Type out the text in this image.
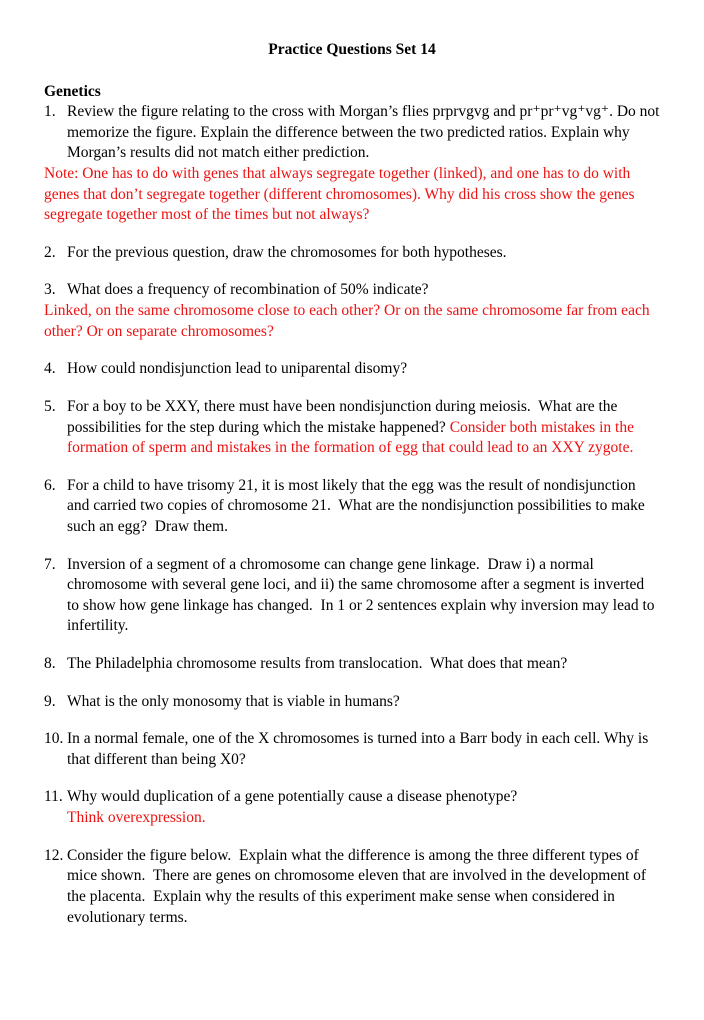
Practice Questions Set 14

Genetics

1. Review the figure relating to the cross with Morgan’s flies prprvgvg and pr⁺pr⁺vg⁺vg⁺. Do not memorize the figure. Explain the difference between the two predicted ratios. Explain why Morgan’s results did not match either prediction.
Note: One has to do with genes that always segregate together (linked), and one has to do with genes that don’t segregate together (different chromosomes). Why did his cross show the genes segregate together most of the times but not always?
2. For the previous question, draw the chromosomes for both hypotheses.
3. What does a frequency of recombination of 50% indicate?
Linked, on the same chromosome close to each other? Or on the same chromosome far from each other? Or on separate chromosomes?
4. How could nondisjunction lead to uniparental disomy?
5. For a boy to be XXY, there must have been nondisjunction during meiosis.  What are the possibilities for the step during which the mistake happened? Consider both mistakes in the formation of sperm and mistakes in the formation of egg that could lead to an XXY zygote.
6. For a child to have trisomy 21, it is most likely that the egg was the result of nondisjunction and carried two copies of chromosome 21.  What are the nondisjunction possibilities to make such an egg?  Draw them.
7. Inversion of a segment of a chromosome can change gene linkage.  Draw i) a normal chromosome with several gene loci, and ii) the same chromosome after a segment is inverted to show how gene linkage has changed.  In 1 or 2 sentences explain why inversion may lead to infertility.
8. The Philadelphia chromosome results from translocation.  What does that mean?
9. What is the only monosomy that is viable in humans?
10. In a normal female, one of the X chromosomes is turned into a Barr body in each cell. Why is that different than being X0?
11. Why would duplication of a gene potentially cause a disease phenotype?
Think overexpression.
12. Consider the figure below.  Explain what the difference is among the three different types of mice shown.  There are genes on chromosome eleven that are involved in the development of the placenta.  Explain why the results of this experiment make sense when considered in evolutionary terms.
